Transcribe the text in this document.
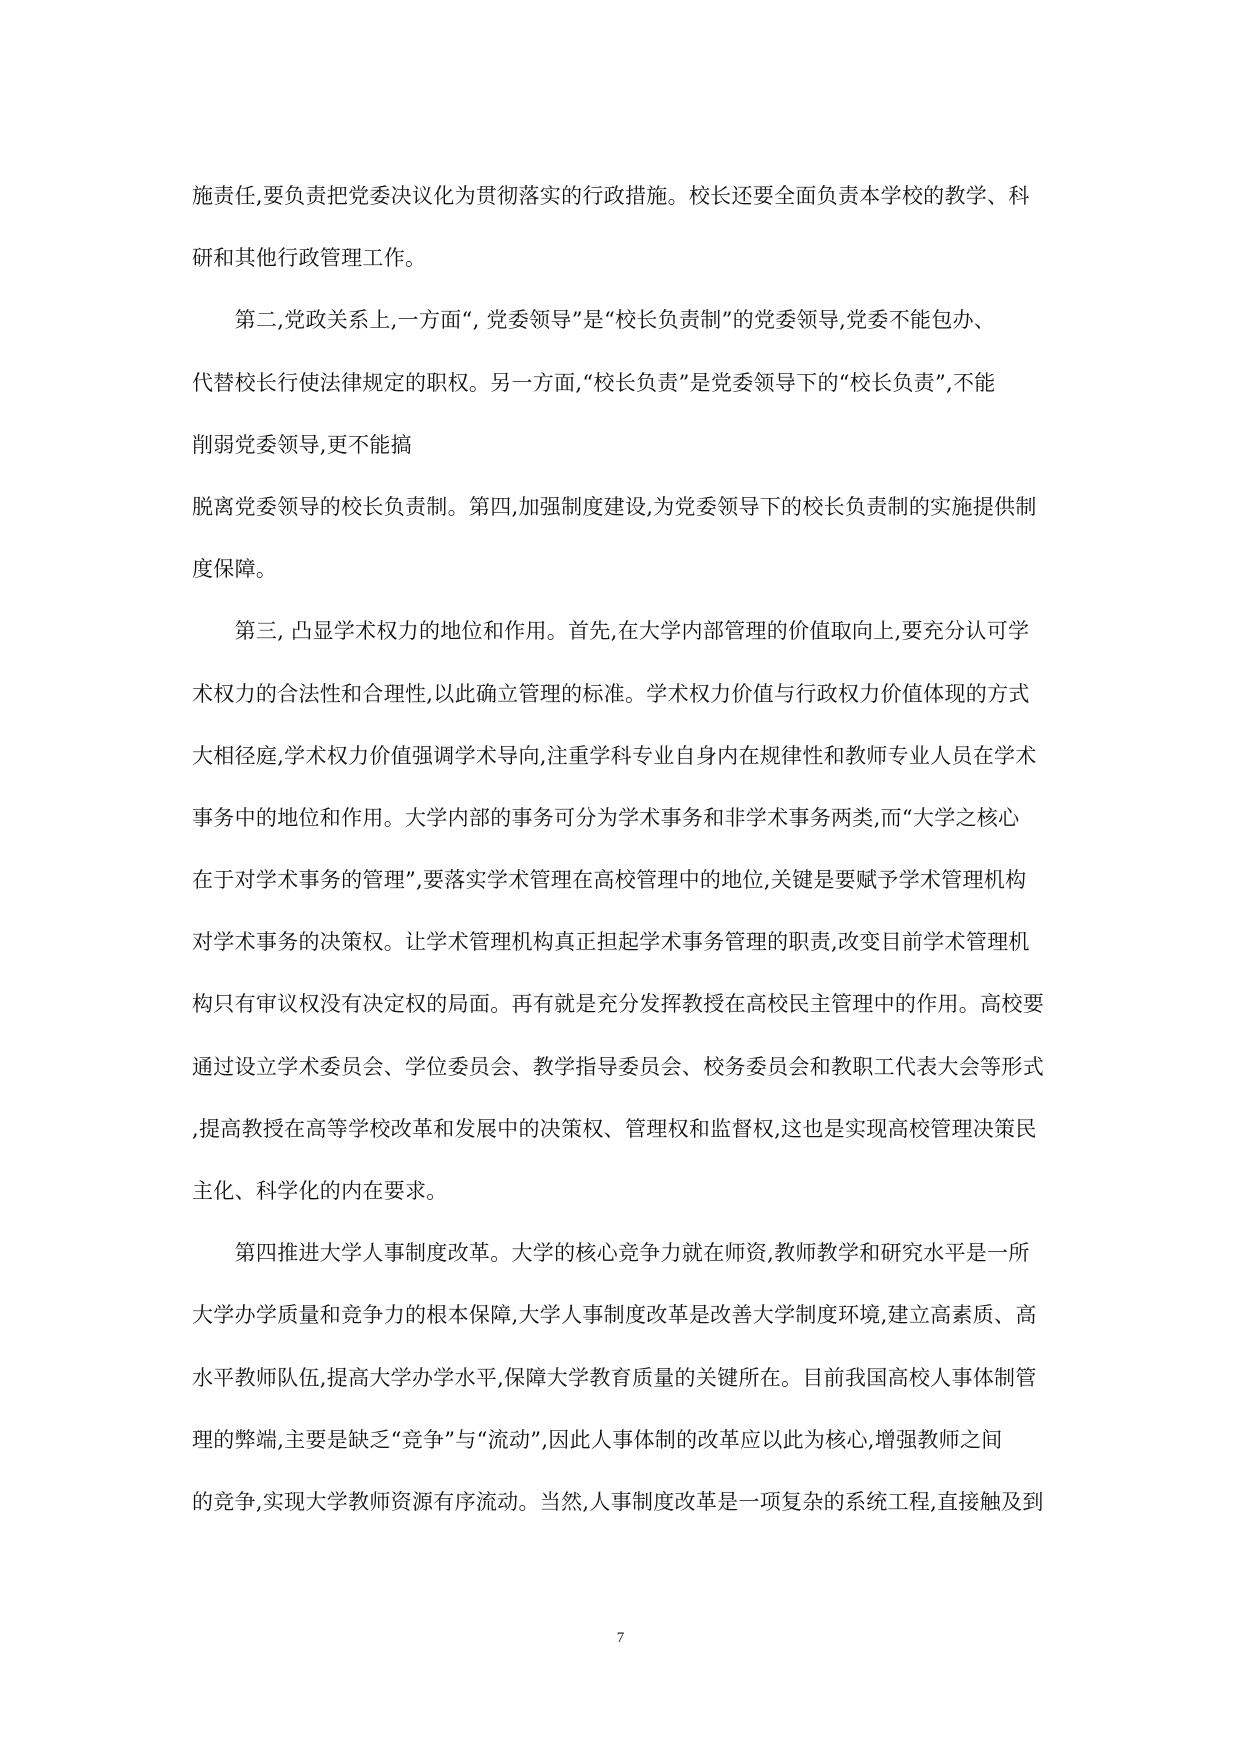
施责任,要负责把党委决议化为贯彻落实的行政措施。校长还要全面负责本学校的教学、科
研和其他行政管理工作。
　　第二,党政关系上,一方面“, 党委领导”是“校长负责制”的党委领导,党委不能包办、
代替校长行使法律规定的职权。另一方面,“校长负责”是党委领导下的“校长负责”,不能
削弱党委领导,更不能搞
脱离党委领导的校长负责制。第四,加强制度建设,为党委领导下的校长负责制的实施提供制
度保障。
　　第三, 凸显学术权力的地位和作用。首先,在大学内部管理的价值取向上,要充分认可学
术权力的合法性和合理性,以此确立管理的标准。学术权力价值与行政权力价值体现的方式
大相径庭,学术权力价值强调学术导向,注重学科专业自身内在规律性和教师专业人员在学术
事务中的地位和作用。大学内部的事务可分为学术事务和非学术事务两类,而“大学之核心
在于对学术事务的管理”,要落实学术管理在高校管理中的地位,关键是要赋予学术管理机构
对学术事务的决策权。让学术管理机构真正担起学术事务管理的职责,改变目前学术管理机
构只有审议权没有决定权的局面。再有就是充分发挥教授在高校民主管理中的作用。高校要
通过设立学术委员会、学位委员会、教学指导委员会、校务委员会和教职工代表大会等形式
,提高教授在高等学校改革和发展中的决策权、管理权和监督权,这也是实现高校管理决策民
主化、科学化的内在要求。
　　第四推进大学人事制度改革。大学的核心竞争力就在师资,教师教学和研究水平是一所
大学办学质量和竞争力的根本保障,大学人事制度改革是改善大学制度环境,建立高素质、高
水平教师队伍,提高大学办学水平,保障大学教育质量的关键所在。目前我国高校人事体制管
理的弊端,主要是缺乏“竞争”与“流动”,因此人事体制的改革应以此为核心,增强教师之间
的竞争,实现大学教师资源有序流动。当然,人事制度改革是一项复杂的系统工程,直接触及到
7
